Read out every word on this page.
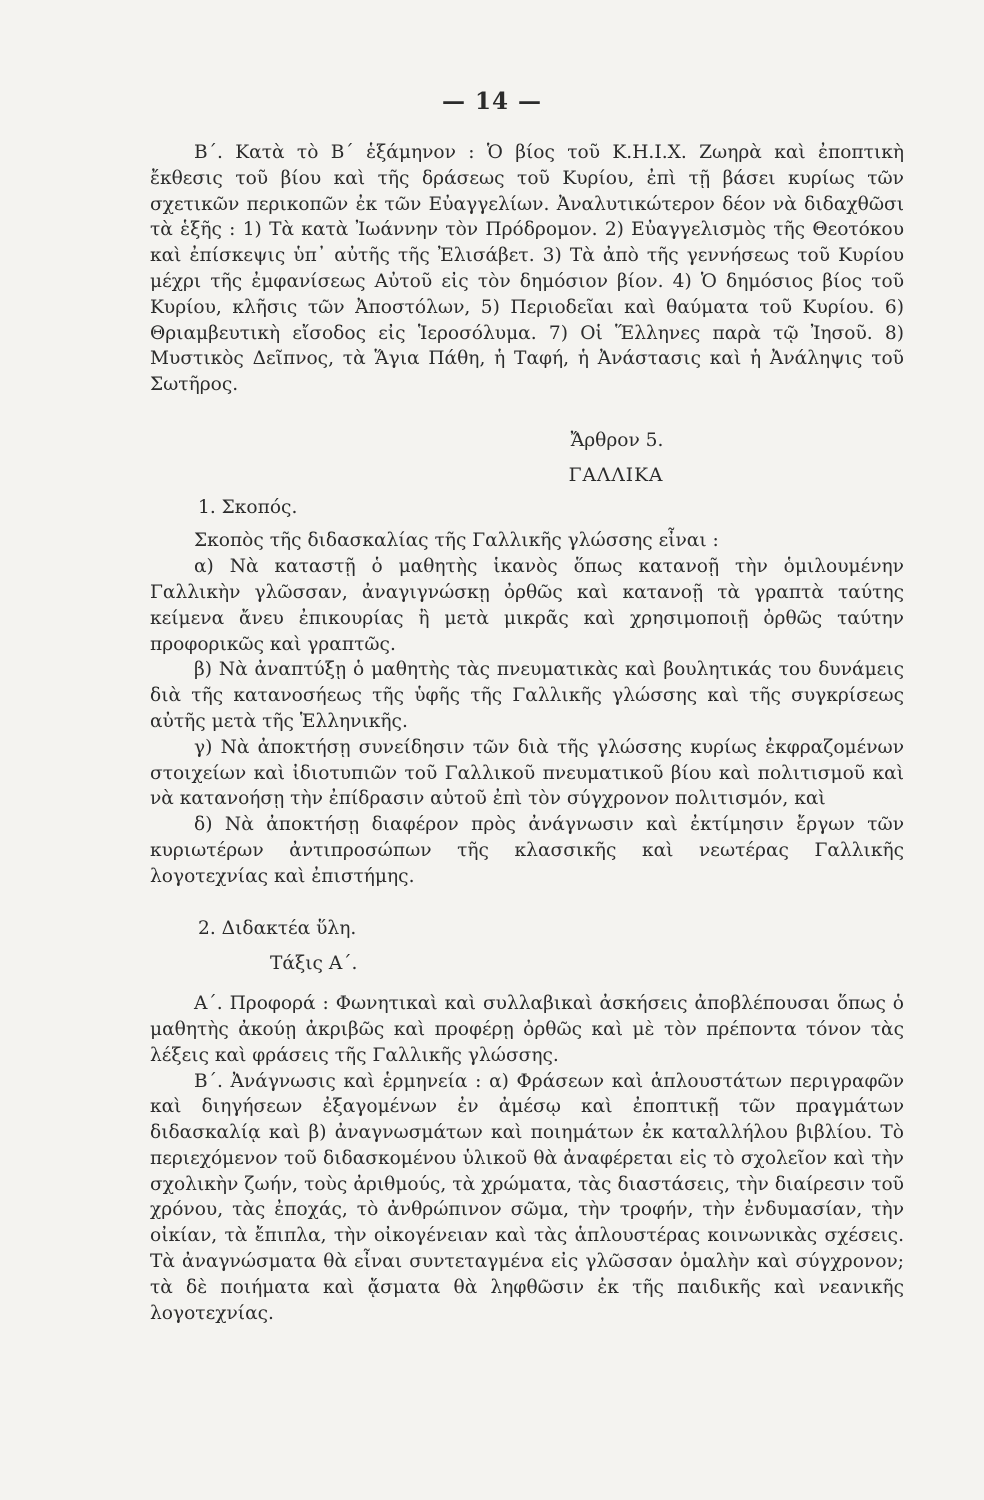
— 14 —

Β΄. Κατὰ τὸ Β΄ ἑξάμηνον : Ὁ βίος τοῦ Κ.Η.Ι.Χ. Ζωηρὰ καὶ ἐποπτικὴ ἔκθεσις τοῦ βίου καὶ τῆς δράσεως τοῦ Κυρίου, ἐπὶ τῇ βάσει κυρίως τῶν σχετικῶν περικοπῶν ἐκ τῶν Εὐαγγελίων. Ἀναλυτικώτερον δέον νὰ διδαχθῶσι τὰ ἑξῆς : 1) Τὰ κατὰ Ἰωάννην τὸν Πρόδρομον. 2) Εὐαγγελισμὸς τῆς Θεοτόκου καὶ ἐπίσκεψις ὑπ᾿ αὐτῆς τῆς Ἐλισάβετ. 3) Τὰ ἀπὸ τῆς γεννήσεως τοῦ Κυρίου μέχρι τῆς ἐμφανίσεως Αὐτοῦ εἰς τὸν δημόσιον βίον. 4) Ὁ δημόσιος βίος τοῦ Κυρίου, κλῆσις τῶν Ἀποστόλων, 5) Περιοδεῖαι καὶ θαύματα τοῦ Κυρίου. 6) Θριαμβευτικὴ εἴσοδος εἰς Ἱεροσόλυμα. 7) Οἱ Ἕλληνες παρὰ τῷ Ἰησοῦ. 8) Μυστικὸς Δεῖπνος, τὰ Ἅγια Πάθη, ἡ Ταφή, ἡ Ἀνάστασις καὶ ἡ Ἀνάληψις τοῦ Σωτῆρος.

Ἄρθρον 5.

ΓΑΛΛΙΚΑ

1. Σκοπός.

Σκοπὸς τῆς διδασκαλίας τῆς Γαλλικῆς γλώσσης εἶναι :

α) Νὰ καταστῇ ὁ μαθητὴς ἱκανὸς ὅπως κατανοῇ τὴν ὁμιλουμένην Γαλλικὴν γλῶσσαν, ἀναγιγνώσκῃ ὀρθῶς καὶ κατανοῇ τὰ γραπτὰ ταύτης κείμενα ἄνευ ἐπικουρίας ἢ μετὰ μικρᾶς καὶ χρησιμοποιῇ ὀρθῶς ταύτην προφορικῶς καὶ γραπτῶς.

β) Νὰ ἀναπτύξῃ ὁ μαθητὴς τὰς πνευματικὰς καὶ βουλητικάς του δυνάμεις διὰ τῆς κατανοσήεως τῆς ὑφῆς τῆς Γαλλικῆς γλώσσης καὶ τῆς συγκρίσεως αὐτῆς μετὰ τῆς Ἑλληνικῆς.

γ) Νὰ ἀποκτήσῃ συνείδησιν τῶν διὰ τῆς γλώσσης κυρίως ἐκφραζομένων στοιχείων καὶ ἰδιοτυπιῶν τοῦ Γαλλικοῦ πνευματικοῦ βίου καὶ πολιτισμοῦ καὶ νὰ κατανοήσῃ τὴν ἐπίδρασιν αὐτοῦ ἐπὶ τὸν σύγχρονον πολιτισμόν, καὶ

δ) Νὰ ἀποκτήσῃ διαφέρον πρὸς ἀνάγνωσιν καὶ ἐκτίμησιν ἔργων τῶν κυριωτέρων ἀντιπροσώπων τῆς κλασσικῆς καὶ νεωτέρας Γαλλικῆς λογοτεχνίας καὶ ἐπιστήμης.

2. Διδακτέα ὕλη.

Τάξις Α΄.

Α΄. Προφορά : Φωνητικαὶ καὶ συλλαβικαὶ ἀσκήσεις ἀποβλέπουσαι ὅπως ὁ μαθητὴς ἀκούῃ ἀκριβῶς καὶ προφέρῃ ὀρθῶς καὶ μὲ τὸν πρέποντα τόνον τὰς λέξεις καὶ φράσεις τῆς Γαλλικῆς γλώσσης.

Β΄. Ἀνάγνωσις καὶ ἑρμηνεία : α) Φράσεων καὶ ἁπλουστάτων περιγραφῶν καὶ διηγήσεων ἐξαγομένων ἐν ἀμέσῳ καὶ ἐποπτικῇ τῶν πραγμάτων διδασκαλίᾳ καὶ β) ἀναγνωσμάτων καὶ ποιημάτων ἐκ καταλλήλου βιβλίου. Τὸ περιεχόμενον τοῦ διδασκομένου ὑλικοῦ θὰ ἀναφέρεται εἰς τὸ σχολεῖον καὶ τὴν σχολικὴν ζωήν, τοὺς ἀριθμούς, τὰ χρώματα, τὰς διαστάσεις, τὴν διαίρεσιν τοῦ χρόνου, τὰς ἐποχάς, τὸ ἀνθρώπινον σῶμα, τὴν τροφήν, τὴν ἐνδυμασίαν, τὴν οἰκίαν, τὰ ἔπιπλα, τὴν οἰκογένειαν καὶ τὰς ἁπλουστέρας κοινωνικὰς σχέσεις. Τὰ ἀναγνώσματα θὰ εἶναι συντεταγμένα εἰς γλῶσσαν ὁμαλὴν καὶ σύγχρονον; τὰ δὲ ποιήματα καὶ ᾄσματα θὰ ληφθῶσιν ἐκ τῆς παιδικῆς καὶ νεανικῆς λογοτεχνίας.
